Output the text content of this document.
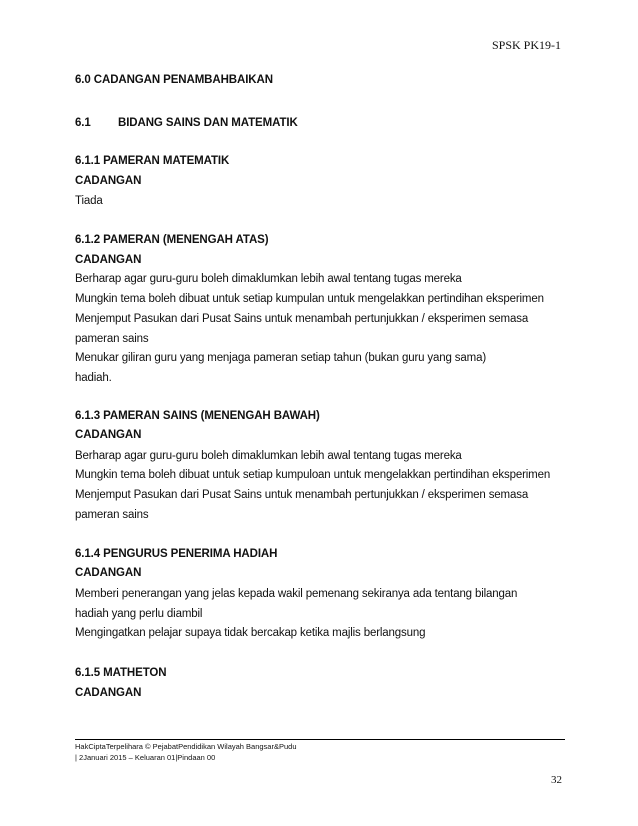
SPSK PK19-1
6.0 CADANGAN PENAMBAHBAIKAN
6.1 BIDANG SAINS DAN MATEMATIK
6.1.1 PAMERAN MATEMATIK
CADANGAN
Tiada
6.1.2 PAMERAN (MENENGAH ATAS)
CADANGAN
Berharap agar guru-guru boleh dimaklumkan lebih awal tentang tugas mereka
Mungkin tema boleh dibuat untuk setiap kumpulan untuk mengelakkan pertindihan eksperimen
Menjemput Pasukan dari Pusat Sains untuk menambah pertunjukkan / eksperimen semasa
pameran sains
Menukar giliran guru yang menjaga pameran setiap tahun (bukan guru yang sama)
hadiah.
6.1.3 PAMERAN SAINS (MENENGAH BAWAH)
CADANGAN
Berharap agar guru-guru boleh dimaklumkan lebih awal tentang tugas mereka
Mungkin tema boleh dibuat untuk setiap kumpuloan untuk mengelakkan pertindihan eksperimen
Menjemput Pasukan dari Pusat Sains untuk menambah pertunjukkan / eksperimen semasa
pameran sains
6.1.4 PENGURUS PENERIMA HADIAH
CADANGAN
Memberi penerangan yang jelas kepada wakil pemenang sekiranya ada tentang bilangan
hadiah yang perlu diambil
Mengingatkan pelajar supaya tidak bercakap ketika majlis berlangsung
6.1.5 MATHETON
CADANGAN
HakCiptaTerpelihara © PejabatPendidikan Wilayah Bangsar&Pudu
| 2Januari 2015 – Keluaran 01|Pindaan 00
32
